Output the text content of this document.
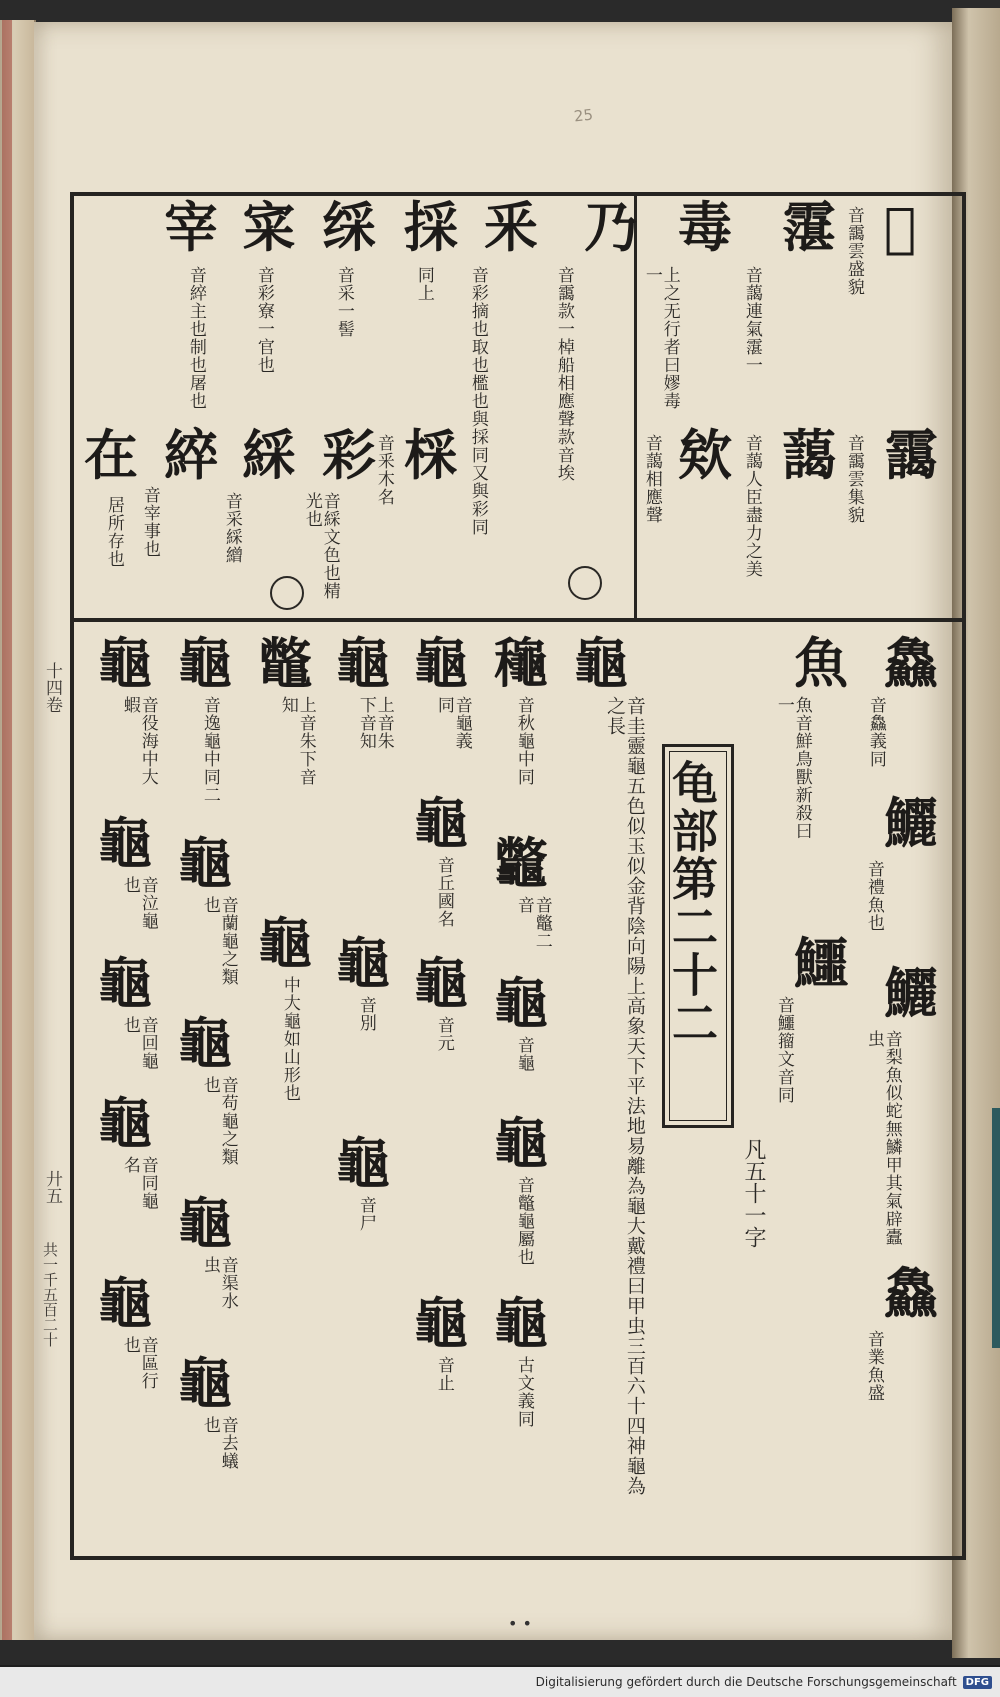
25
𩆧
音靄雲盛貌
靄
音靄雲集貌
霮
音藹連氣霮一
藹
音藹人臣盡力之美
毒
上之无行者曰嫪毒一
欸
音藹相應聲
乃
音靄款一棹船相應聲款音埃
釆
音彩摘也取也檻也與採同又與彩同
採
同上
棌
音釆木名
䌽
音采一髻
彩
音綵文色也精光也
寀
音彩寮一官也
綵
音采綵繒
宰
音綷主也制也屠也
綷
音宰事也
在
居所存也
鱻
音鱻義同
鱺
音禮魚也
鱺
音梨魚似蛇無鱗甲其氣辟蠹虫
鱻
音業魚盛
魚
魚音鮮鳥獸新殺曰一
鱷
音鱷籀文音同
龟部第二十二
凡五十一字
龜
音圭靈龜五色似玉似金背陰向陽上高象天下平法地易離為龜大戴禮曰甲虫三百六十四神龜為之長
龝
音秋龜中同
龞
音鼈二音
龜
音龜
龜
音鼈龜屬也
龜
古文義同
龜
音龜義同
龜
音丘國名
龜
音元
龜
音止
龜
上音朱下音知
龜
音別
龜
音尸
鼈
上音朱下音知
龜
中大龜如山形也
龜
音逸龜中同二
龜
音蘭龜之類也
龜
音苟龜之類也
龜
音渠水虫
龜
音去蟻也
龜
音役海中大蝦
龜
音泣龜也
龜
音回龜也
龜
音同龜名
龜
音區行也
十四卷
廾五
共一千五百二十
• •
Digitalisierung gefördert durch die Deutsche Forschungsgemeinschaft DFG
